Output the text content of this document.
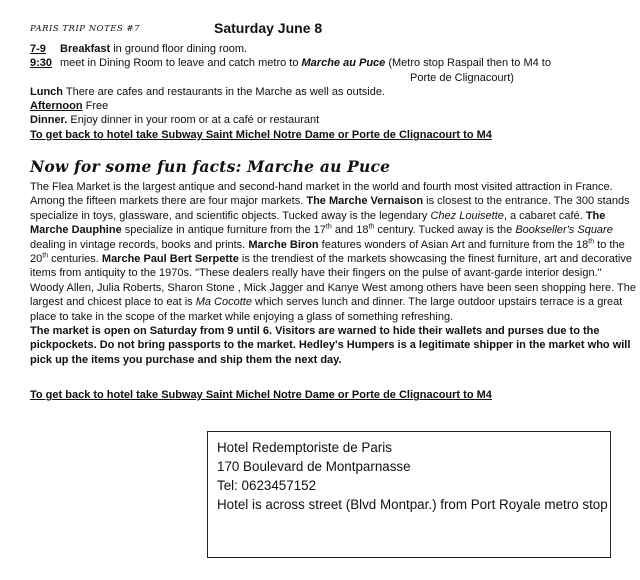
PARIS TRIP NOTES #7	Saturday June 8
7-9 Breakfast in ground floor dining room.
9:30 meet in Dining Room to leave and catch metro to Marche au Puce (Metro stop Raspail then to M4 to
Porte de Clignacourt)
Lunch There are cafes and restaurants in the Marche as well as outside.
Afternoon Free
Dinner. Enjoy dinner in your room or at a café or restaurant
To get back to hotel take Subway Saint Michel Notre Dame or Porte de Clignacourt to M4
Now for some fun facts: Marche au Puce

The Flea Market is the largest antique and second-hand market in the world and fourth most visited attraction in France. Among the fifteen markets there are four major markets. The Marche Vernaison is closest to the entrance. The 300 stands specialize in toys, glassware, and scientific objects. Tucked away is the legendary Chez Louisette, a cabaret café. The Marche Dauphine specialize in antique furniture from the 17th and 18th century. Tucked away is the Bookseller's Square dealing in vintage records, books and prints. Marche Biron features wonders of Asian Art and furniture from the 18th to the 20th centuries. Marche Paul Bert Serpette is the trendiest of the markets showcasing the finest furniture, art and decorative items from antiquity to the 1970s. "These dealers really have their fingers on the pulse of avant-garde interior design." Woody Allen, Julia Roberts, Sharon Stone , Mick Jagger and Kanye West among others have been seen shopping here. The largest and chicest place to eat is Ma Cocotte which serves lunch and dinner. The large outdoor upstairs terrace is a great place to take in the scope of the market while enjoying a glass of something refreshing.

The market is open on Saturday from 9 until 6. Visitors are warned to hide their wallets and purses due to the pickpockets. Do not bring passports to the market. Hedley's Humpers is a legitimate shipper in the market who will pick up the items you purchase and ship them the next day.

To get back to hotel take Subway Saint Michel Notre Dame or Porte de Clignacourt to M4
Hotel Redemptoriste de Paris
170 Boulevard de Montparnasse
Tel: 0623457152
Hotel is across street (Blvd Montpar.) from Port Royale metro stop
